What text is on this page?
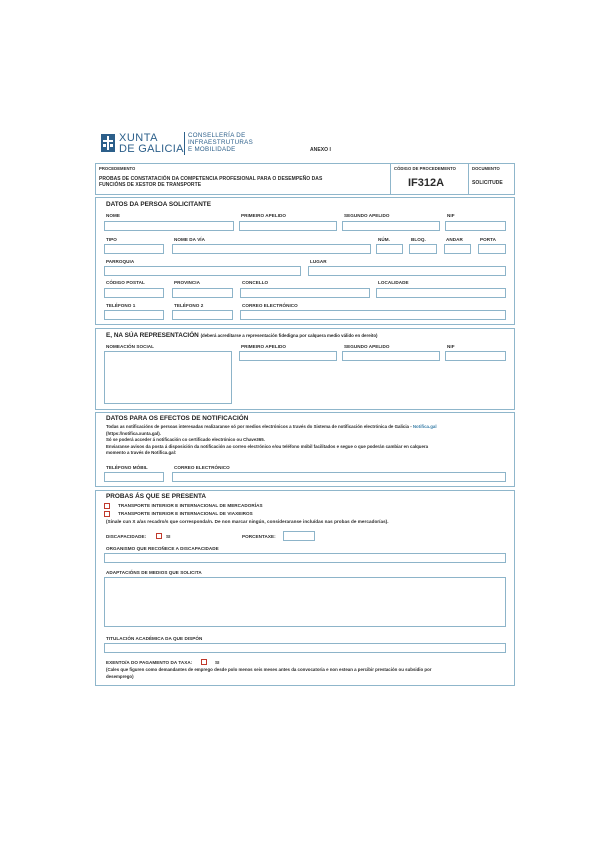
XUNTA
DE GALICIA
CONSELLERÍA DE
INFRAESTRUTURAS
E MOBILIDADE	ANEXO I
PROCEDEMENTO
PROBAS DE CONSTATACIÓN DA COMPETENCIA PROFESIONAL PARA O DESEMPEÑO DAS
FUNCIÓNS DE XESTOR DE TRANSPORTE
CÓDIGO DE PROCEDEMENTO
IF312A
DOCUMENTO
SOLICITUDE
DATOS DA PERSOA SOLICITANTE
NOME	PRIMEIRO APELIDO	SEGUNDO APELIDO	NIF
TIPO	NOME DA VÍA	NÚM.	BLOQ.	ANDAR	PORTA
PARROQUIA	LUGAR
CÓDIGO POSTAL	PROVINCIA	CONCELLO	LOCALIDADE
TELÉFONO 1	TELÉFONO 2	CORREO ELECTRÓNICO
E, NA SÚA REPRESENTACIÓN (deberá acreditarse a representación fidedigna por calquera medio válido en dereito)
NOMEACIÓN SOCIAL	PRIMEIRO APELIDO	SEGUNDO APELIDO	NIF
DATOS PARA OS EFECTOS DE NOTIFICACIÓN
Todas as notificacións de persoas interesadas realizaranse só por medios electrónicos a través do Sistema de notificación electrónica de Galicia - Notifica.gal
(https://notifica.xunta.gal).
Só se poderá acceder á notificación co certificado electrónico ou Chave365.
Enviaranse avisos da posta á disposición da notificación ao correo electrónico e/ou teléfono móbil facilitados e segue o que poderán cambiar en calquera
momento a través de Notifica.gal:
TELÉFONO MÓBIL	CORREO ELECTRÓNICO
PROBAS ÁS QUE SE PRESENTA
TRANSPORTE INTERIOR E INTERNACIONAL DE MERCADORÍAS
TRANSPORTE INTERIOR E INTERNACIONAL DE VIAXEIROS
(Sinale cun X a/as recadro/s que corresponda/n. De non marcar ningún, consideraranse incluídas nas probas de mercadorías).
DISCAPACIDADE:	SI	PORCENTAXE:
ORGANISMO QUE RECOÑECE A DISCAPACIDADE
ADAPTACIÓNS DE MEDIOS QUE SOLICITA
TITULACIÓN ACADÉMICA DA QUE DISPÓN
EXENTO/A DO PAGAMENTO DA TAXA:	SI
(Cales que figuren como demandantes de emprego desde polo menos seis meses antes da convocatoria e non estean a percibir prestación ou subsidio por
desemprego)
